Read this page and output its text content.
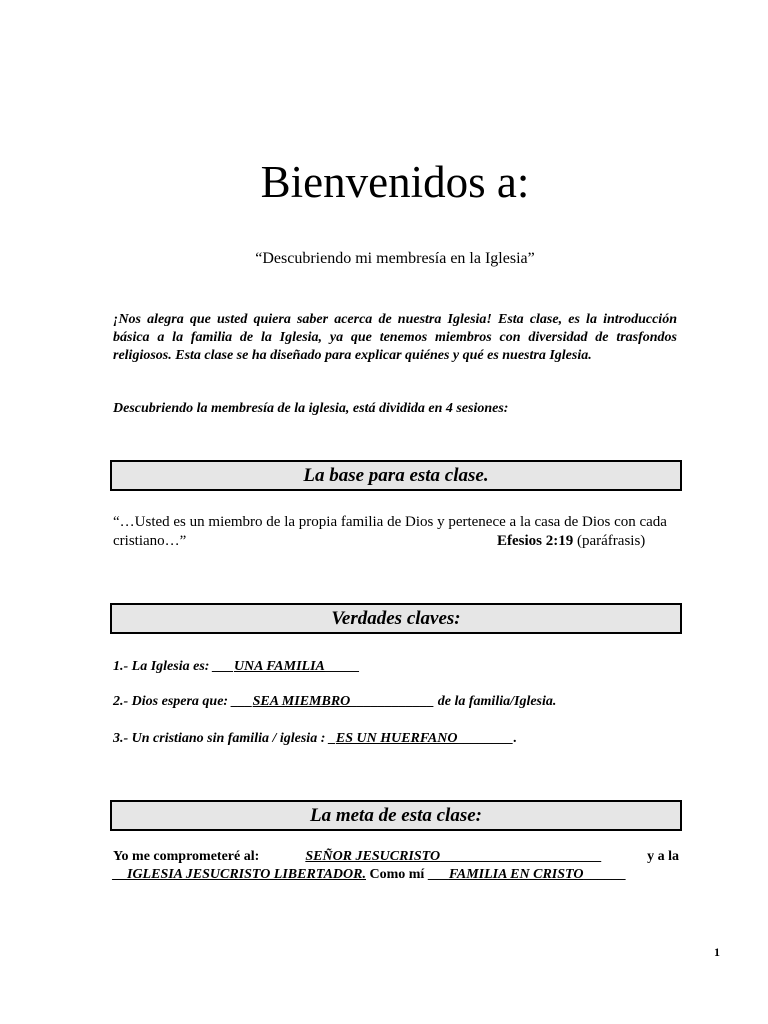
Bienvenidos a:
“Descubriendo mi membresía en la Iglesia”
¡Nos alegra que usted quiera saber acerca de nuestra Iglesia! Esta clase, es la introducción básica a la familia de la Iglesia, ya que tenemos miembros con diversidad de trasfondos religiosos. Esta clase se ha diseñado para explicar quiénes y qué es nuestra Iglesia.
Descubriendo la membresía de la iglesia, está dividida en 4 sesiones:
La base para esta clase.
“…Usted es un miembro de la propia familia de Dios y pertenece a la casa de Dios con cada cristiano…”	Efesios 2:19 (paráfrasis)
Verdades claves:
1.- La Iglesia es: ___UNA FAMILIA_____
2.- Dios espera que: ___SEA MIEMBRO____________ de la familia/Iglesia.
3.- Un cristiano sin familia / iglesia : _ES UN HUERFANO________.
La meta de esta clase:
Yo me comprometeré al:	SEÑOR JESUCRISTO_______________________	y a la
__IGLESIA JESUCRISTO LIBERTADOR. Como mí ___FAMILIA EN CRISTO______
1
